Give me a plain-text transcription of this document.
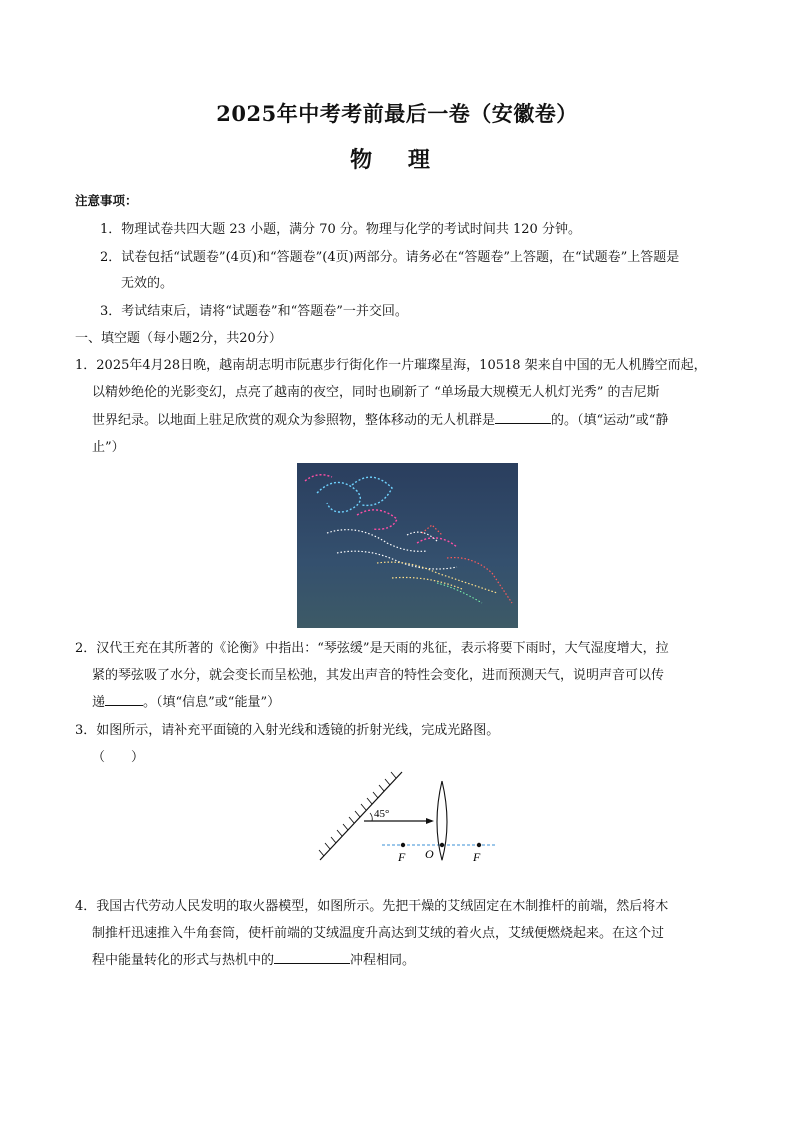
2025年中考考前最后一卷（安徽卷）
物 理
注意事项：
1．物理试卷共四大题 23 小题，满分 70 分。物理与化学的考试时间共 120 分钟。
2．试卷包括“试题卷”(4页)和“答题卷”(4页)两部分。请务必在“答题卷”上答题，在“试题卷”上答题是
无效的。
3．考试结束后，请将“试题卷”和“答题卷”一并交回。
一、填空题（每小题2分，共20分）
1．2025年4月28日晚，越南胡志明市阮惠步行街化作一片璀璨星海，10518 架来自中国的无人机腾空而起，
以精妙绝伦的光影变幻，点亮了越南的夜空，同时也刷新了 “单场最大规模无人机灯光秀” 的吉尼斯
世界纪录。以地面上驻足欣赏的观众为参照物，整体移动的无人机群是	的。（填“运动”或“静
止”）
2．汉代王充在其所著的《论衡》中指出：“琴弦缓”是天雨的兆征，表示将要下雨时，大气湿度增大，拉
紧的琴弦吸了水分，就会变长而呈松弛，其发出声音的特性会变化，进而预测天气，说明声音可以传
递	。（填“信息”或“能量”）
3．如图所示，请补充平面镜的入射光线和透镜的折射光线，完成光路图。
（　　）
45°
F O	F
4．我国古代劳动人民发明的取火器模型，如图所示。先把干燥的艾绒固定在木制推杆的前端，然后将木
制推杆迅速推入牛角套筒，使杆前端的艾绒温度升高达到艾绒的着火点，艾绒便燃烧起来。在这个过
程中能量转化的形式与热机中的	冲程相同。
